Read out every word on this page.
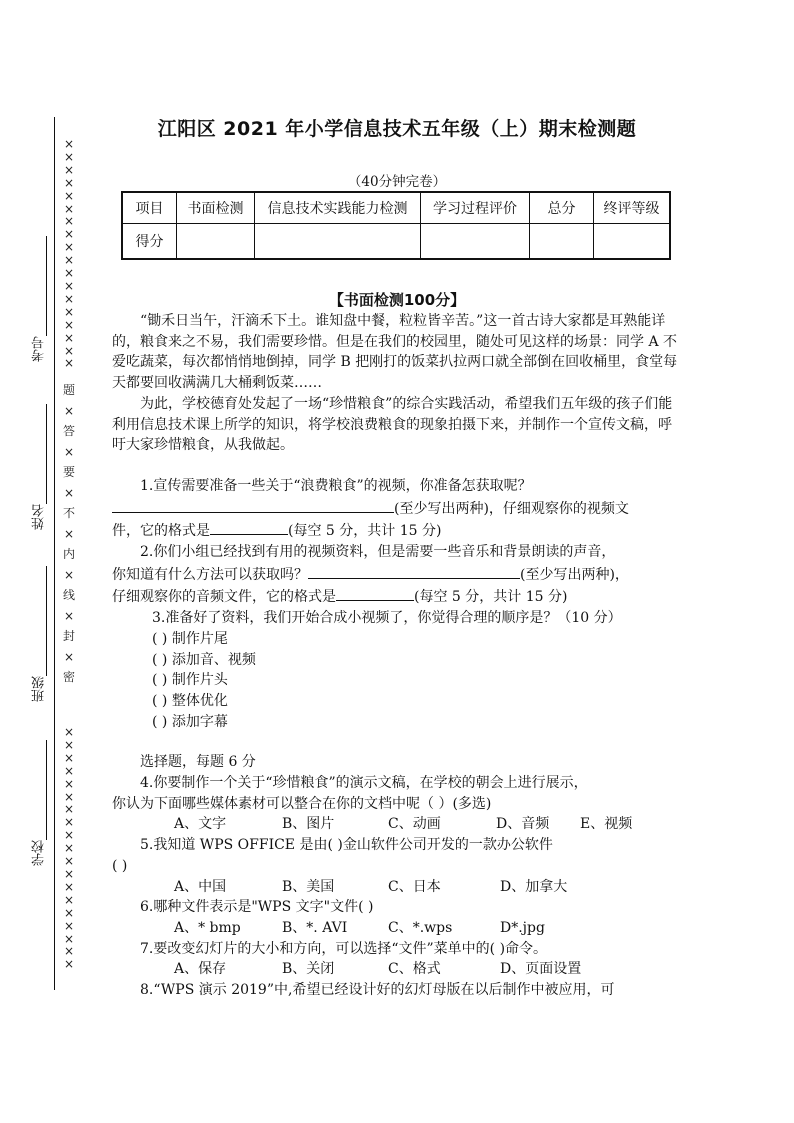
×
×
×
×
×
×
×
×
×
×
×
×
×
×
×
×
×
×
题
×
答
×
要
×
不
×
内
×
线
×
封
×
密
×
×
×
×
×
×
×
×
×
×
×
×
×
×
×
×
×
×
×
考号
姓名
班级
学校
江阳区 2021 年小学信息技术五年级（上）期末检测题
（40分钟完卷）
项目	书面检测	信息技术实践能力检测	学习过程评价	总分	终评等级
得分					
【书面检测100分】

“锄禾日当午，汗滴禾下土。谁知盘中餐，粒粒皆辛苦。”这一首古诗大家都是耳熟能详的，粮食来之不易，我们需要珍惜。但是在我们的校园里，随处可见这样的场景：同学 A 不爱吃蔬菜，每次都悄悄地倒掉，同学 B 把刚打的饭菜扒拉两口就全部倒在回收桶里，食堂每天都要回收满满几大桶剩饭菜……

为此，学校德育处发起了一场“珍惜粮食”的综合实践活动，希望我们五年级的孩子们能利用信息技术课上所学的知识，将学校浪费粮食的现象拍摄下来，并制作一个宣传文稿，呼吁大家珍惜粮食，从我做起。

1.宣传需要准备一些关于“浪费粮食”的视频，你准备怎获取呢？

(至少写出两种)，仔细观察你的视频文

件，它的格式是	(每空 5 分，共计 15 分)

2.你们小组已经找到有用的视频资料，但是需要一些音乐和背景朗读的声音，

你知道有什么方法可以获取吗？	(至少写出两种)，

仔细观察你的音频文件，它的格式是	(每空 5 分，共计 15 分)

3.准备好了资料，我们开始合成小视频了，你觉得合理的顺序是？（10 分）

( ) 制作片尾

( ) 添加音、视频

( ) 制作片头

( ) 整体优化

( ) 添加字幕

选择题，每题 6 分

4.你要制作一个关于“珍惜粮食”的演示文稿，在学校的朝会上进行展示，

你认为下面哪些媒体素材可以整合在你的文档中呢（ ）(多选)

A、文字	B、图片	C、动画	D、音频	E、视频

5.我知道 WPS OFFICE 是由( )金山软件公司开发的一款办公软件

( )

A、中国	B、美国	C、日本	D、加拿大

6.哪种文件表示是"WPS 文字"文件( )

A、* bmp	B、*. AVI	C、*.wps	D*.jpg

7.要改变幻灯片的大小和方向，可以选择“文件”菜单中的( )命令。

A、保存	B、关闭	C、格式	D、页面设置

8.“WPS 演示 2019”中,希望已经设计好的幻灯母版在以后制作中被应用，可
